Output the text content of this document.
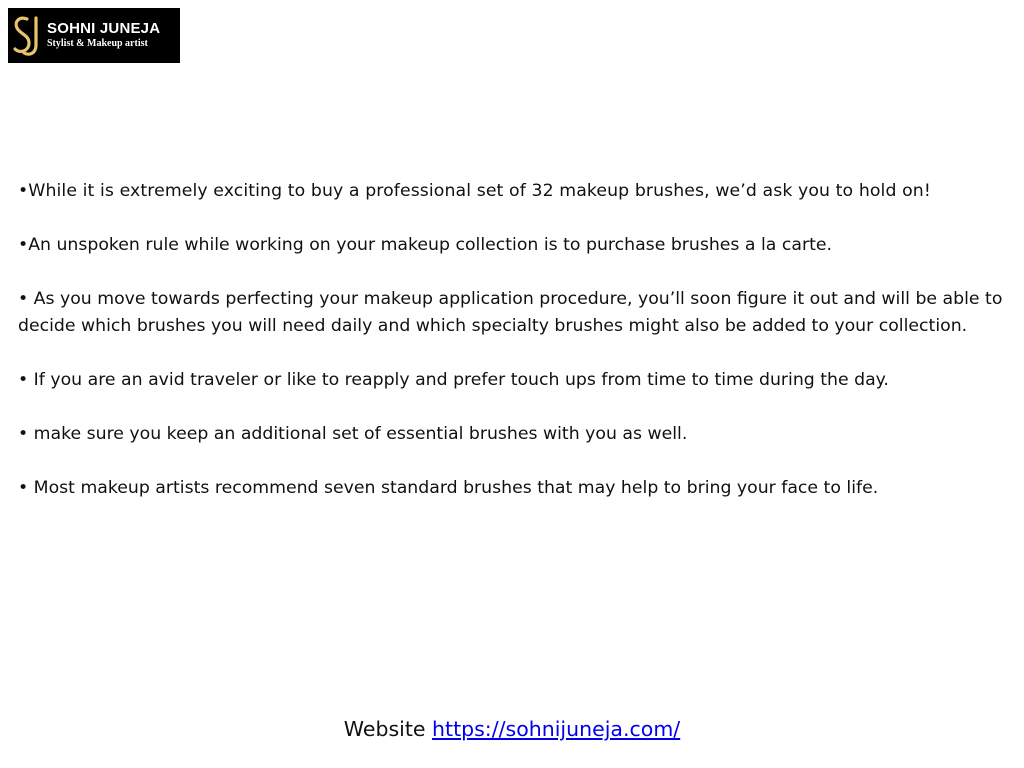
SOHNI JUNEJA
Stylist & Makeup artist

•While it is extremely exciting to buy a professional set of 32 makeup brushes, we’d ask you to hold on!

•An unspoken rule while working on your makeup collection is to purchase brushes a la carte.

• As you move towards perfecting your makeup application procedure, you’ll soon figure it out and will be able to decide which brushes you will need daily and which specialty brushes might also be added to your collection.

• If you are an avid traveler or like to reapply and prefer touch ups from time to time during the day.

• make sure you keep an additional set of essential brushes with you as well.

• Most makeup artists recommend seven standard brushes that may help to bring your face to life.

Website https://sohnijuneja.com/
